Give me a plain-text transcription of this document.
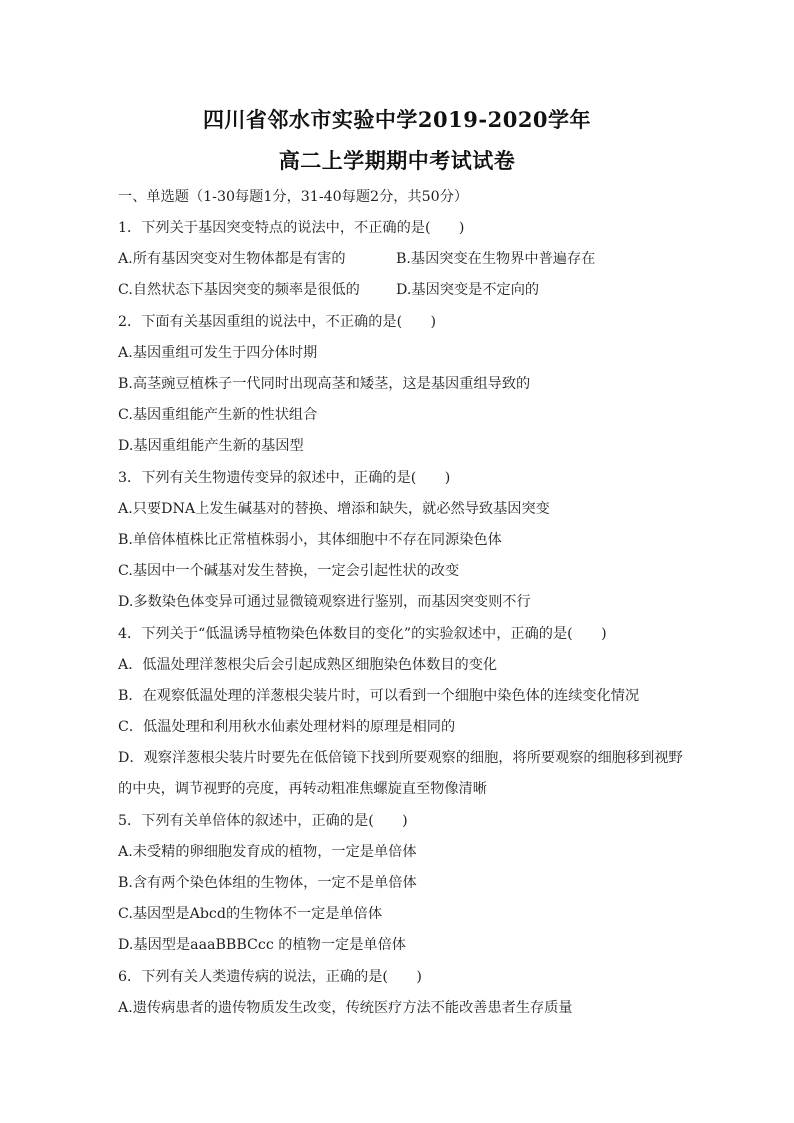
四川省邻水市实验中学2019-2020学年
高二上学期期中考试试卷
一、单选题（1-30每题1分，31-40每题2分，共50分）
1．下列关于基因突变特点的说法中，不正确的是(　　)
A.所有基因突变对生物体都是有害的	B.基因突变在生物界中普遍存在
C.自然状态下基因突变的频率是很低的	D.基因突变是不定向的
2．下面有关基因重组的说法中，不正确的是(　　)
A.基因重组可发生于四分体时期
B.高茎豌豆植株子一代同时出现高茎和矮茎，这是基因重组导致的
C.基因重组能产生新的性状组合
D.基因重组能产生新的基因型
3．下列有关生物遗传变异的叙述中，正确的是(　　)
A.只要DNA上发生碱基对的替换、增添和缺失，就必然导致基因突变
B.单倍体植株比正常植株弱小，其体细胞中不存在同源染色体
C.基因中一个碱基对发生替换，一定会引起性状的改变
D.多数染色体变异可通过显微镜观察进行鉴别，而基因突变则不行
4．下列关于“低温诱导植物染色体数目的变化”的实验叙述中，正确的是(　　)
A．低温处理洋葱根尖后会引起成熟区细胞染色体数目的变化
B．在观察低温处理的洋葱根尖装片时，可以看到一个细胞中染色体的连续变化情况
C．低温处理和利用秋水仙素处理材料的原理是相同的
D．观察洋葱根尖装片时要先在低倍镜下找到所要观察的细胞，将所要观察的细胞移到视野
的中央，调节视野的亮度，再转动粗准焦螺旋直至物像清晰
5．下列有关单倍体的叙述中，正确的是(　　)
A.未受精的卵细胞发育成的植物，一定是单倍体
B.含有两个染色体组的生物体，一定不是单倍体
C.基因型是Abcd的生物体不一定是单倍体
D.基因型是aaaBBBCcc 的植物一定是单倍体
6．下列有关人类遗传病的说法，正确的是(　　)
A.遗传病患者的遗传物质发生改变，传统医疗方法不能改善患者生存质量
